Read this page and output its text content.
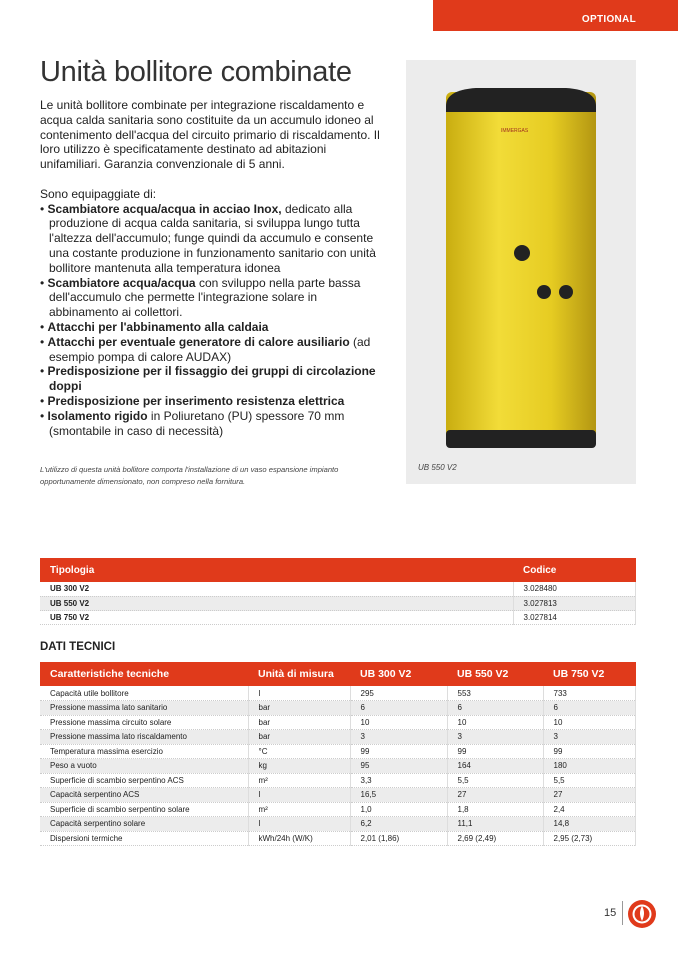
OPTIONAL
Unità bollitore combinate

Le unità bollitore combinate per integrazione riscaldamento e acqua calda sanitaria sono costituite da un accumulo idoneo al contenimento dell'acqua del circuito primario di riscaldamento. Il loro utilizzo è specificatamente destinato ad abitazioni unifamiliari. Garanzia convenzionale di 5 anni.

Sono equipaggiate di:
• Scambiatore acqua/acqua in acciao Inox, dedicato alla produzione di acqua calda sanitaria, si sviluppa lungo tutta l'altezza dell'accumulo; funge quindi da accumulo e consente una costante produzione in funzionamento sanitario con unità bollitore mantenuta alla temperatura idonea
• Scambiatore acqua/acqua con sviluppo nella parte bassa dell'accumulo che permette l'integrazione solare in abbinamento ai collettori.
• Attacchi per l'abbinamento alla caldaia
• Attacchi per eventuale generatore di calore ausiliario (ad esempio pompa di calore AUDAX)
• Predisposizione per il fissaggio dei gruppi di circolazione doppi
• Predisposizione per inserimento resistenza elettrica
• Isolamento rigido in Poliuretano (PU) spessore 70 mm (smontabile in caso di necessità)
L'utilizzo di questa unità bollitore comporta l'installazione di un vaso espansione impianto opportunamente dimensionato, non compreso nella fornitura.
IMMERGAS
UB 550 V2
Tipologia	Codice
UB 300 V2	3.028480
UB 550 V2	3.027813
UB 750 V2	3.027814
DATI TECNICI
Caratteristiche tecniche	Unità di misura	UB 300 V2	UB 550 V2	UB 750 V2
Capacità utile bollitore	l	295	553	733
Pressione massima lato sanitario	bar	6	6	6
Pressione massima circuito solare	bar	10	10	10
Pressione massima lato riscaldamento	bar	3	3	3
Temperatura massima esercizio	°C	99	99	99
Peso a vuoto	kg	95	164	180
Superficie di scambio serpentino ACS	m²	3,3	5,5	5,5
Capacità serpentino ACS	l	16,5	27	27
Superficie di scambio serpentino solare	m²	1,0	1,8	2,4
Capacità serpentino solare	l	6,2	11,1	14,8
Dispersioni termiche	kWh/24h (W/K)	2,01 (1,86)	2,69 (2,49)	2,95 (2,73)
15
